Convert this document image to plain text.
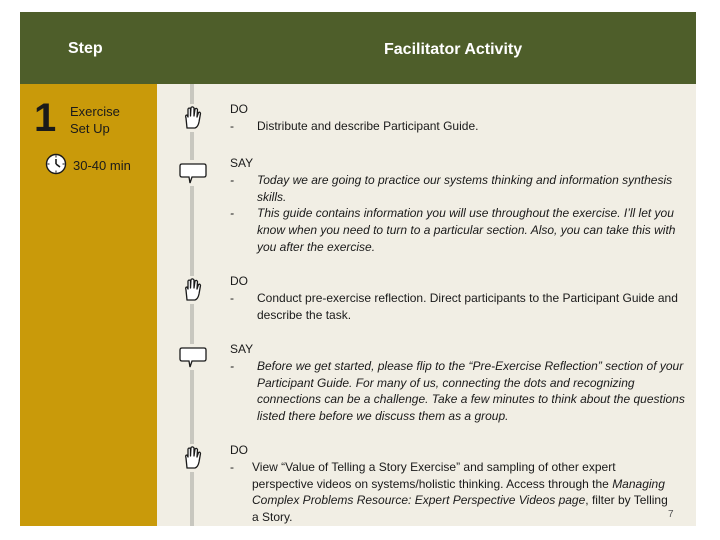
Step	Facilitator Activity
1 Exercise
Set Up
30-40 min
DO
- Distribute and describe Participant Guide.
SAY
- Today we are going to practice our systems thinking and information synthesis skills.
- This guide contains information you will use throughout the exercise. I’ll let you know when you need to turn to a particular section. Also, you can take this with you after the exercise.
DO
- Conduct pre-exercise reflection. Direct participants to the Participant Guide and describe the task.
SAY
- Before we get started, please flip to the “Pre-Exercise Reflection” section of your Participant Guide. For many of us, connecting the dots and recognizing connections can be a challenge. Take a few minutes to think about the questions listed there before we discuss them as a group.
DO
- View “Value of Telling a Story Exercise” and sampling of other expert perspective videos on systems/holistic thinking. Access through the Managing Complex Problems Resource: Expert Perspective Videos page, filter by Telling a Story.	7
